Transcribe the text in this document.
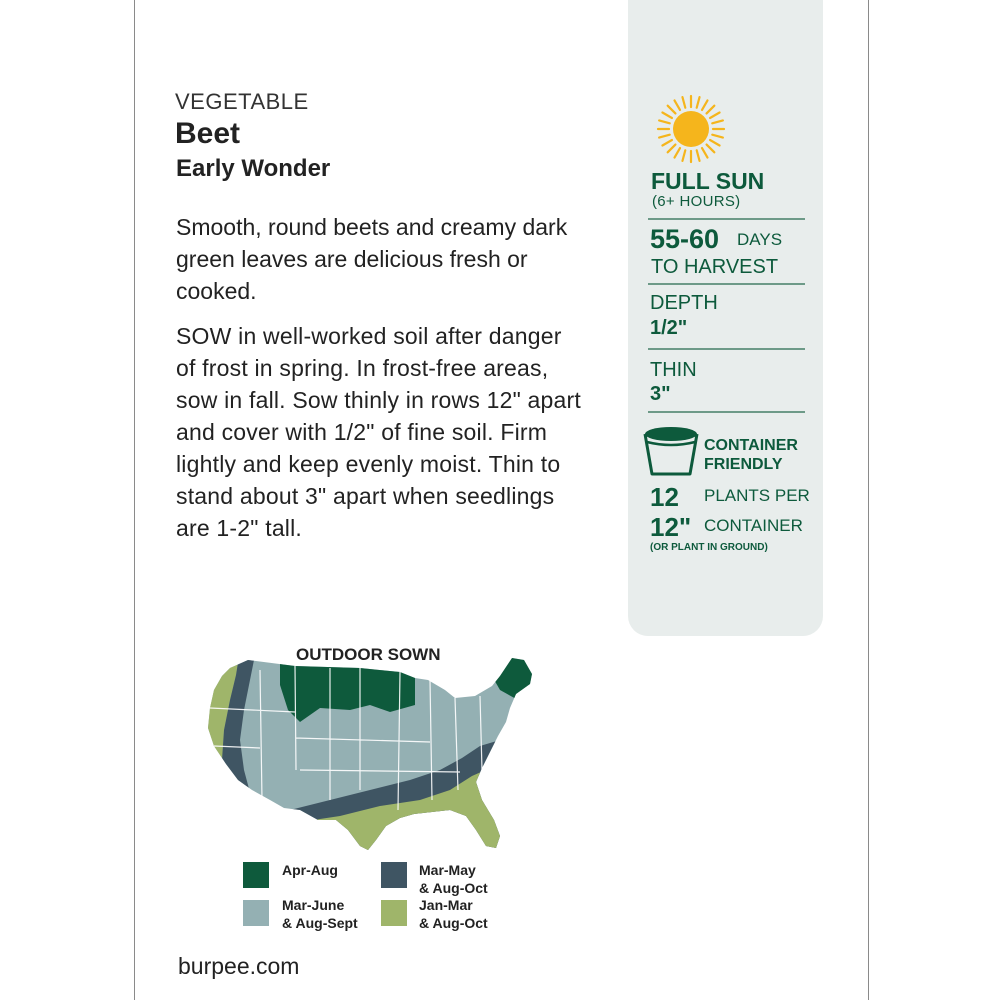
VEGETABLE
Beet
Early Wonder
Smooth, round beets and creamy dark green leaves are delicious fresh or cooked.
SOW in well-worked soil after danger of frost in spring. In frost-free areas, sow in fall. Sow thinly in rows 12" apart and cover with 1/2" of fine soil. Firm lightly and keep evenly moist. Thin to stand about 3" apart when seedlings are 1-2" tall.
burpee.com
FULL SUN
(6+ HOURS)
55-60 DAYS
TO HARVEST
DEPTH
1/2"
THIN
3"
CONTAINER
FRIENDLY
12 PLANTS PER
12" CONTAINER
(OR PLANT IN GROUND)
OUTDOOR SOWN
Apr-Aug	Mar-May
& Aug-Oct
Mar-June
& Aug-Sept
Jan-Mar
& Aug-Oct
